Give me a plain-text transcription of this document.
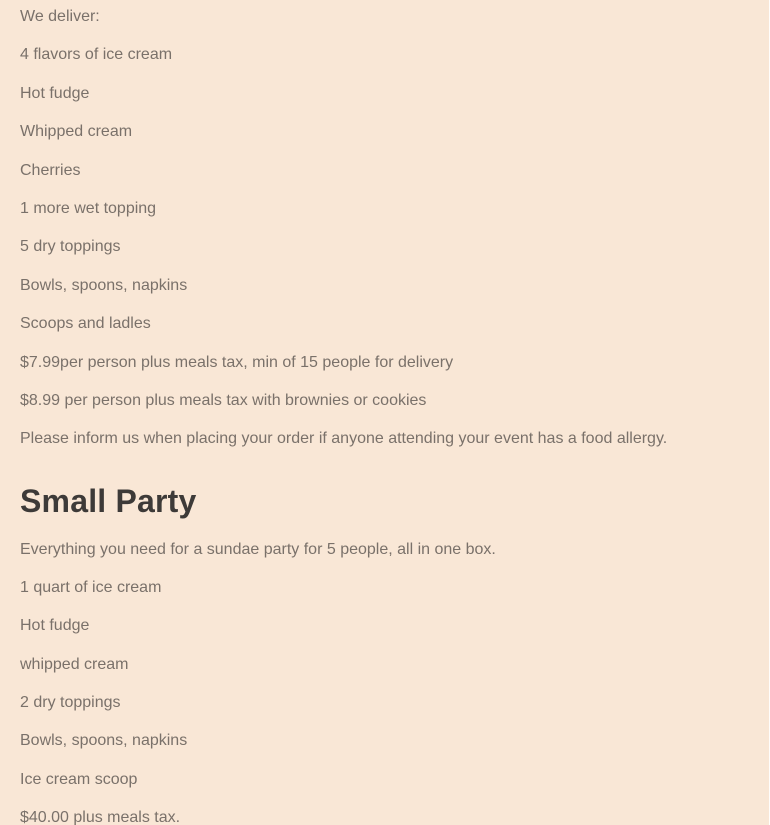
We deliver:
4 flavors of ice cream
Hot fudge
Whipped cream
Cherries
1 more wet topping
5 dry toppings
Bowls, spoons, napkins
Scoops and ladles
$7.99per person plus meals tax, min of 15 people for delivery
$8.99 per person plus meals tax with brownies or cookies
Please inform us when placing your order if anyone attending your event has a food allergy.
Small Party
Everything you need for a sundae party for 5 people, all in one box.
1 quart of ice cream
Hot fudge
whipped cream
2 dry toppings
Bowls, spoons, napkins
Ice cream scoop
$40.00 plus meals tax.
